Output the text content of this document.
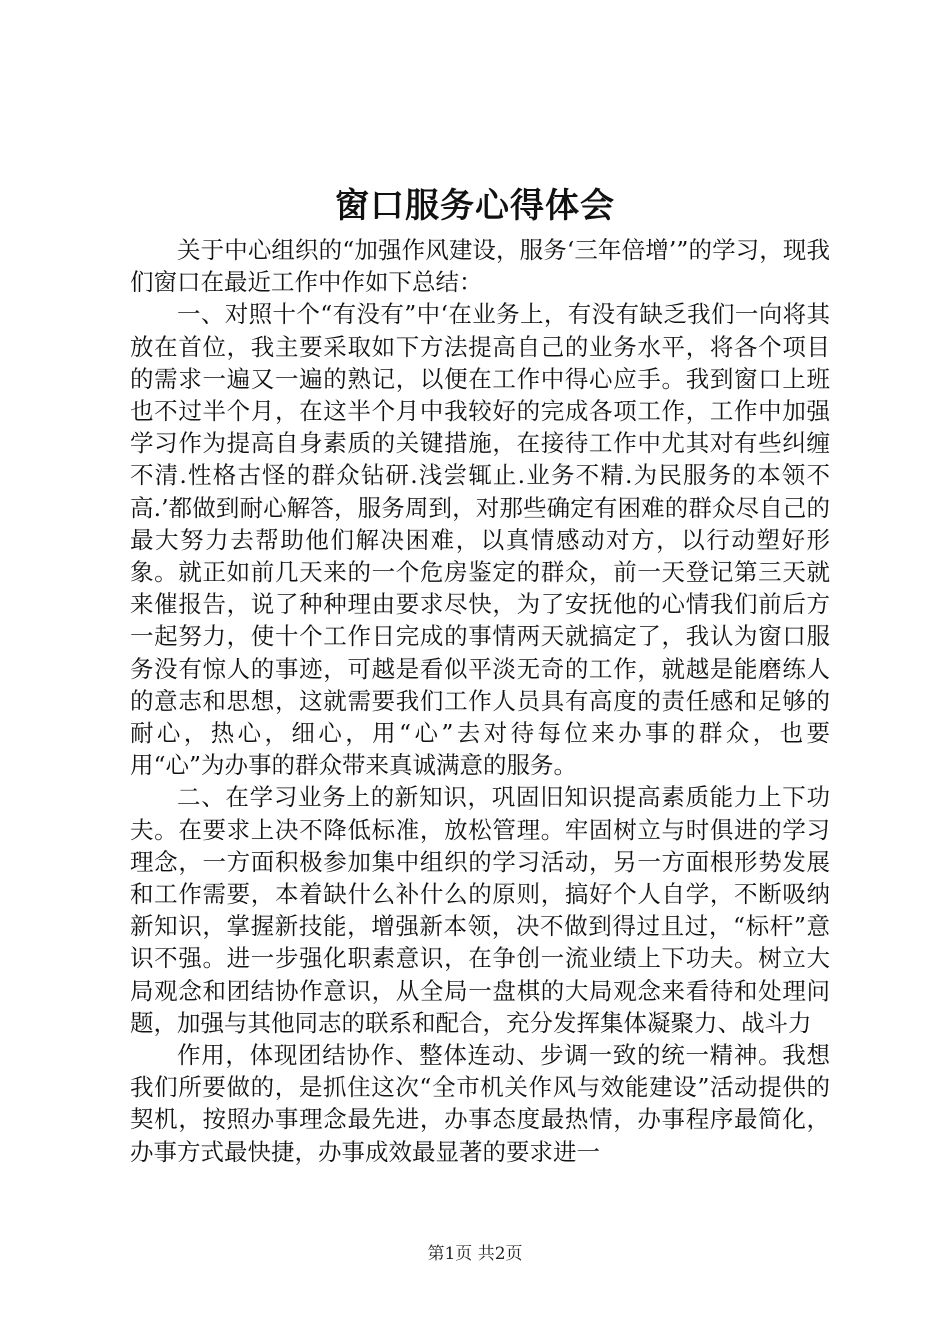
窗口服务心得体会

关于中心组织的“加强作风建设，服务‘三年倍增’”的学习，现我们窗口在最近工作中作如下总结：

一、对照十个“有没有”中‘在业务上，有没有缺乏我们一向将其放在首位，我主要采取如下方法提高自己的业务水平，将各个项目的需求一遍又一遍的熟记，以便在工作中得心应手。我到窗口上班也不过半个月，在这半个月中我较好的完成各项工作，工作中加强学习作为提高自身素质的关键措施，在接待工作中尤其对有些纠缠不清.性格古怪的群众钻研.浅尝辄止.业务不精.为民服务的本领不高.’都做到耐心解答，服务周到，对那些确定有困难的群众尽自己的最大努力去帮助他们解决困难，以真情感动对方，以行动塑好形象。就正如前几天来的一个危房鉴定的群众，前一天登记第三天就来催报告，说了种种理由要求尽快，为了安抚他的心情我们前后方一起努力，使十个工作日完成的事情两天就搞定了，我认为窗口服务没有惊人的事迹，可越是看似平淡无奇的工作，就越是能磨练人的意志和思想，这就需要我们工作人员具有高度的责任感和足够的耐心，热心，细心，用“心”去对待每位来办事的群众，也要用“心”为办事的群众带来真诚满意的服务。

二、在学习业务上的新知识，巩固旧知识提高素质能力上下功夫。在要求上决不降低标准，放松管理。牢固树立与时俱进的学习理念，一方面积极参加集中组织的学习活动，另一方面根形势发展和工作需要，本着缺什么补什么的原则，搞好个人自学，不断吸纳新知识，掌握新技能，增强新本领，决不做到得过且过，“标杆”意识不强。进一步强化职素意识，在争创一流业绩上下功夫。树立大局观念和团结协作意识，从全局一盘棋的大局观念来看待和处理问题，加强与其他同志的联系和配合，充分发挥集体凝聚力、战斗力

作用，体现团结协作、整体连动、步调一致的统一精神。我想我们所要做的，是抓住这次“全市机关作风与效能建设”活动提供的契机，按照办事理念最先进，办事态度最热情，办事程序最简化，办事方式最快捷，办事成效最显著的要求进一

第1页 共2页
